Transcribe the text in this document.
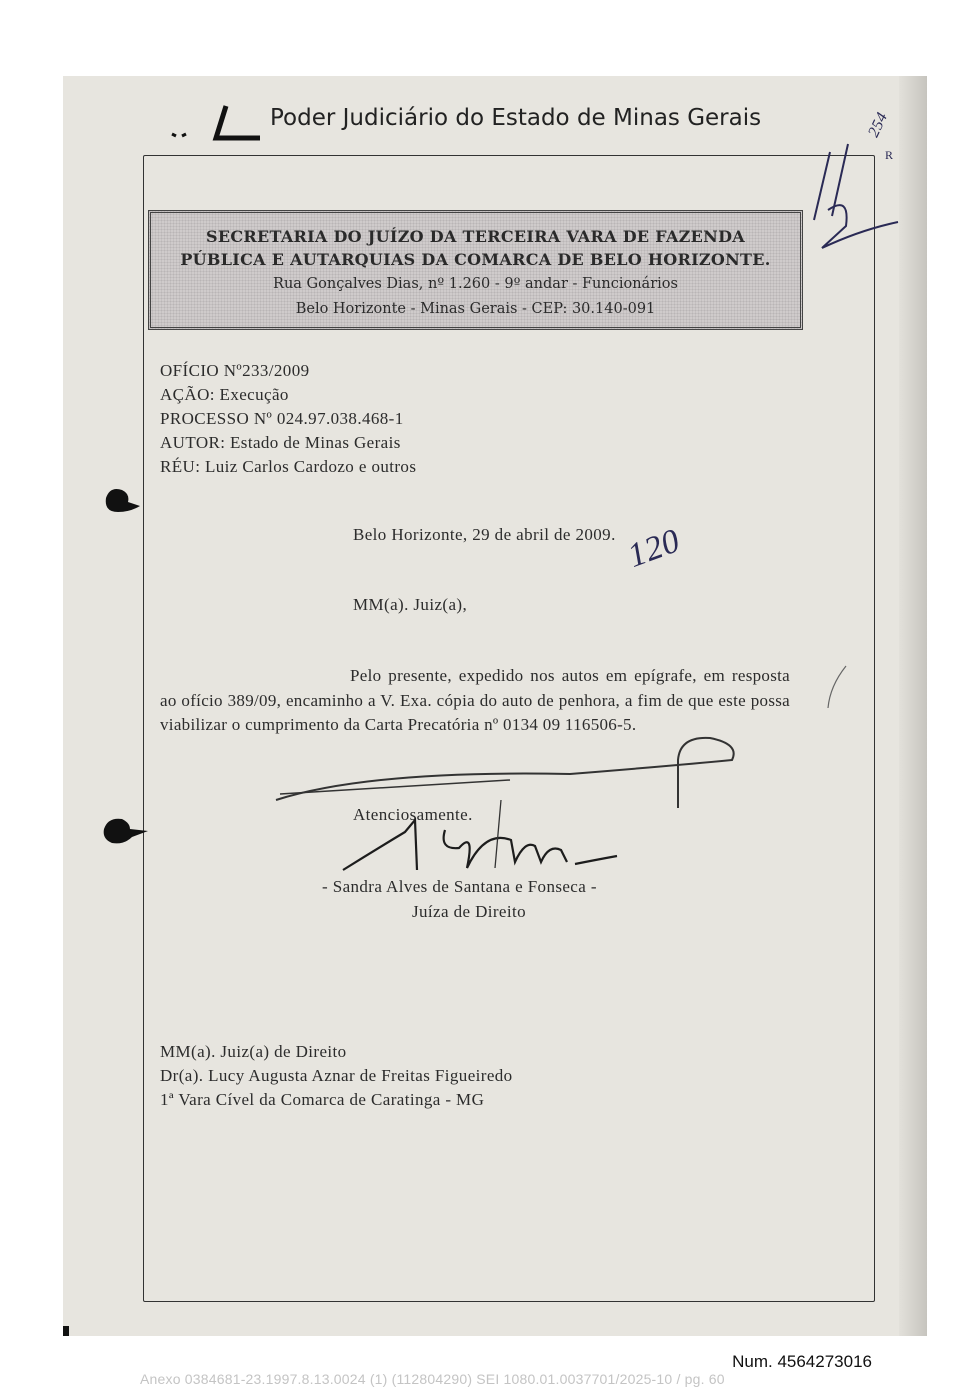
Poder Judiciário do Estado de Minas Gerais
SECRETARIA DO JUÍZO DA TERCEIRA VARA DE FAZENDA
PÚBLICA E AUTARQUIAS DA COMARCA DE BELO HORIZONTE.
Rua Gonçalves Dias, nº 1.260 - 9º andar - Funcionários
Belo Horizonte - Minas Gerais - CEP: 30.140-091
OFÍCIO Nº233/2009
AÇÃO: Execução
PROCESSO Nº 024.97.038.468-1
AUTOR: Estado de Minas Gerais
RÉU: Luiz Carlos Cardozo e outros
Belo Horizonte, 29 de abril de 2009.
MM(a). Juiz(a),
Pelo presente, expedido nos autos em epígrafe, em resposta ao ofício 389/09, encaminho a V. Exa. cópia do auto de penhora, a fim de que este possa viabilizar o cumprimento da Carta Precatória nº 0134 09 116506-5.
Atenciosamente.
- Sandra Alves de Santana e Fonseca -
Juíza de Direito
MM(a). Juiz(a) de Direito
Dr(a). Lucy Augusta Aznar de Freitas Figueiredo
1ª Vara Cível da Comarca de Caratinga - MG
254
R
120
Num. 4564273016
Anexo 0384681-23.1997.8.13.0024 (1) (112804290) SEI 1080.01.0037701/2025-10 / pg. 60
